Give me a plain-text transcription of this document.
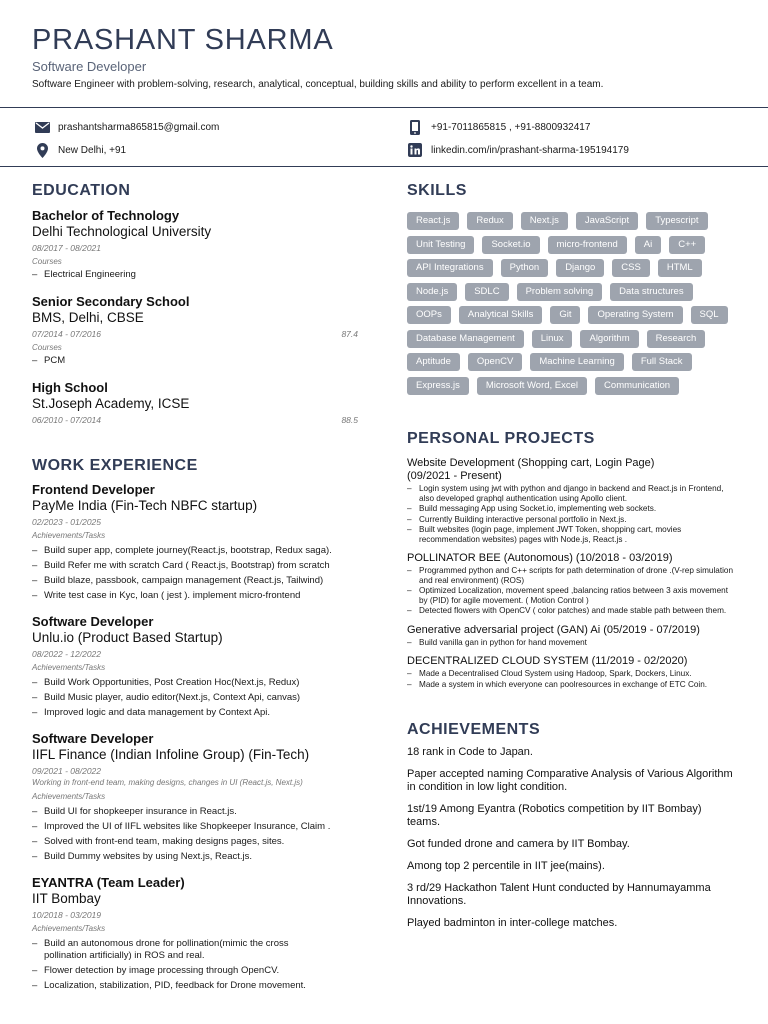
PRASHANT SHARMA
Software Developer
Software Engineer with problem-solving, research, analytical, conceptual, building skills and ability to perform excellent in a team.
prashantsharma865815@gmail.com	+91-7011865815 , +91-8800932417
New Delhi, +91	linkedin.com/in/prashant-sharma-195194179
EDUCATION
Bachelor of Technology
Delhi Technological University
08/2017 - 08/2021
Courses
– Electrical Engineering
Senior Secondary School
BMS, Delhi, CBSE
07/2014 - 07/2016	87.4
Courses
– PCM
High School
St.Joseph Academy, ICSE
06/2010 - 07/2014	88.5
WORK EXPERIENCE
Frontend Developer
PayMe India (Fin-Tech NBFC startup)
02/2023 - 01/2025
Achievements/Tasks
– Build super app, complete journey(React.js, bootstrap, Redux saga).
– Build Refer me with scratch Card ( React.js, Bootstrap) from scratch
– Build blaze, passbook, campaign management (React.js, Tailwind)
– Write test case in Kyc, loan ( jest ). implement micro-frontend
Software Developer
Unlu.io (Product Based Startup)
08/2022 - 12/2022
Achievements/Tasks
– Build Work Opportunities, Post Creation Hoc(Next.js, Redux)
– Build Music player, audio editor(Next.js, Context Api, canvas)
– Improved logic and data management by Context Api.
Software Developer
IIFL Finance (Indian Infoline Group) (Fin-Tech)
09/2021 - 08/2022
Working in front-end team, making designs, changes in UI (React.js, Next.js)
Achievements/Tasks
– Build UI for shopkeeper insurance in React.js.
– Improved the UI of IIFL websites like Shopkeeper Insurance, Claim .
– Solved with front-end team, making designs pages, sites.
– Build Dummy websites by using Next.js, React.js.
EYANTRA (Team Leader)
IIT Bombay
10/2018 - 03/2019
Achievements/Tasks
– Build an autonomous drone for pollination(mimic the cross pollination artificially) in ROS and real.
– Flower detection by image processing through OpenCV.
– Localization, stabilization, PID, feedback for Drone movement.
SKILLS
React.js	Redux	Next.js	JavaScript	Typescript
Unit Testing	Socket.io	micro-frontend	Ai	C++
API Integrations	Python	Django	CSS	HTML
Node.js	SDLC	Problem solving	Data structures
OOPs	Analytical Skills	Git	Operating System	SQL
Database Management	Linux	Algorithm	Research
Aptitude	OpenCV	Machine Learning	Full Stack
Express.js	Microsoft Word, Excel	Communication
PERSONAL PROJECTS
Website Development (Shopping cart, Login Page)
(09/2021 - Present)
– Login system using jwt with python and django in backend and React.js in Frontend, also developed graphql authentication using Apollo client.
– Build messaging App using Socket.io, implementing web sockets.
– Currently Building interactive personal portfolio in Next.js.
– Built websites (login page, implement JWT Token, shopping cart, movies recommendation websites) pages with Node.js, React.js .
POLLINATOR BEE (Autonomous) (10/2018 - 03/2019)
– Programmed python and C++ scripts for path determination of drone .(V-rep simulation and real environment) (ROS)
– Optimized Localization, movement speed ,balancing ratios between 3 axis movement by (PID) for agile movement. ( Motion Control )
– Detected flowers with OpenCV ( color patches) and made stable path between them.
Generative adversarial project (GAN) Ai (05/2019 - 07/2019)
– Build vanilla gan in python for hand movement
DECENTRALIZED CLOUD SYSTEM (11/2019 - 02/2020)
– Made a Decentralised Cloud System using Hadoop, Spark, Dockers, Linux.
– Made a system in which everyone can poolresources in exchange of ETC Coin.
ACHIEVEMENTS
18 rank in Code to Japan.
Paper accepted naming Comparative Analysis of Various Algorithm in condition in low light condition.
1st/19 Among Eyantra (Robotics competition by IIT Bombay) teams.
Got funded drone and camera by IIT Bombay.
Among top 2 percentile in IIT jee(mains).
3 rd/29 Hackathon Talent Hunt conducted by Hannumayamma Innovations.
Played badminton in inter-college matches.
